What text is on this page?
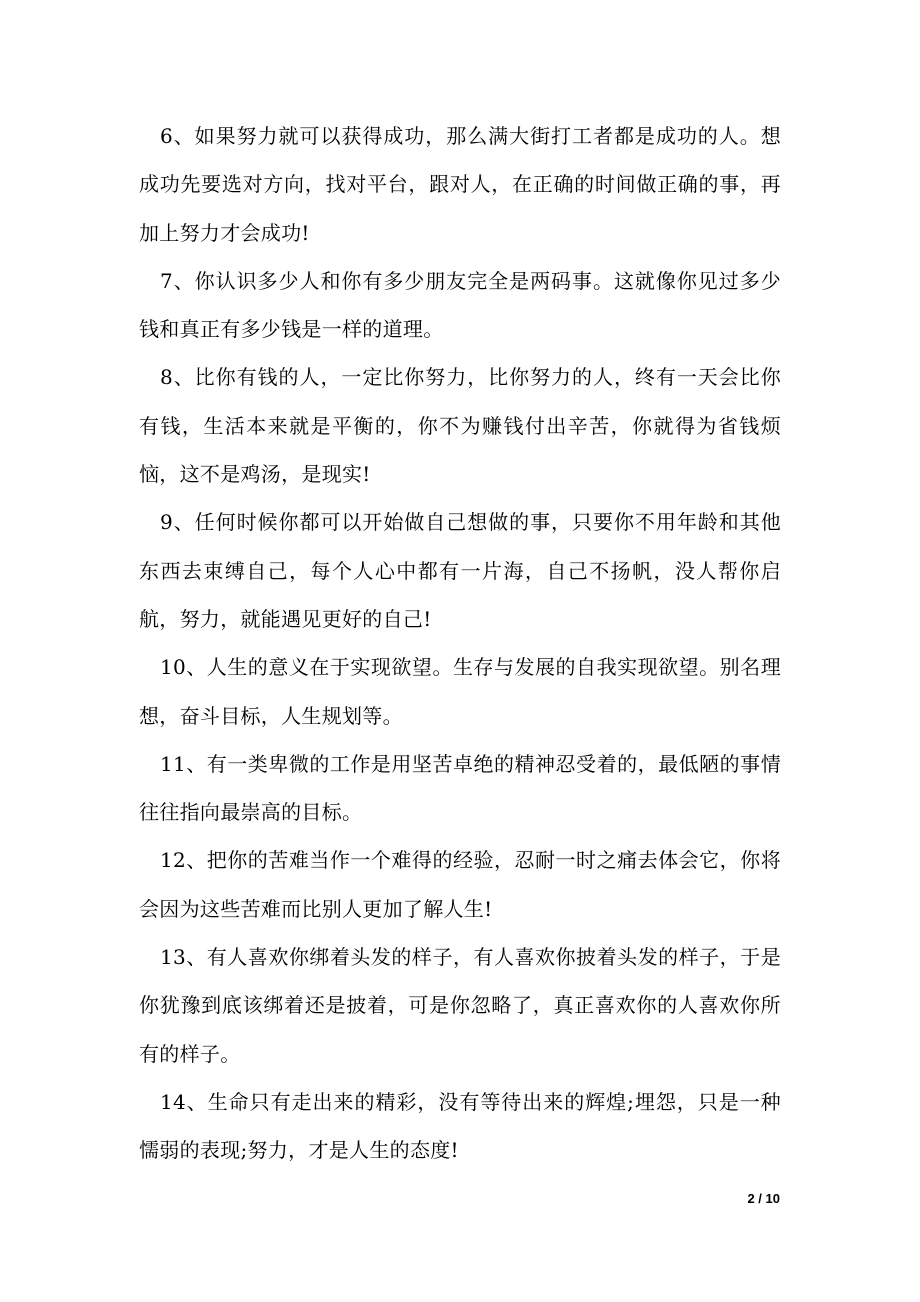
6、如果努力就可以获得成功，那么满大街打工者都是成功的人。想成功先要选对方向，找对平台，跟对人，在正确的时间做正确的事，再加上努力才会成功!

7、你认识多少人和你有多少朋友完全是两码事。这就像你见过多少钱和真正有多少钱是一样的道理。

8、比你有钱的人，一定比你努力，比你努力的人，终有一天会比你有钱，生活本来就是平衡的，你不为赚钱付出辛苦，你就得为省钱烦恼，这不是鸡汤，是现实!

9、任何时候你都可以开始做自己想做的事，只要你不用年龄和其他东西去束缚自己，每个人心中都有一片海，自己不扬帆，没人帮你启航，努力，就能遇见更好的自己!

10、人生的意义在于实现欲望。生存与发展的自我实现欲望。别名理想，奋斗目标，人生规划等。

11、有一类卑微的工作是用坚苦卓绝的精神忍受着的，最低陋的事情往往指向最崇高的目标。

12、把你的苦难当作一个难得的经验，忍耐一时之痛去体会它，你将会因为这些苦难而比别人更加了解人生!

13、有人喜欢你绑着头发的样子，有人喜欢你披着头发的样子，于是你犹豫到底该绑着还是披着，可是你忽略了，真正喜欢你的人喜欢你所有的样子。

14、生命只有走出来的精彩，没有等待出来的辉煌;埋怨，只是一种懦弱的表现;努力，才是人生的态度!

2 / 10
